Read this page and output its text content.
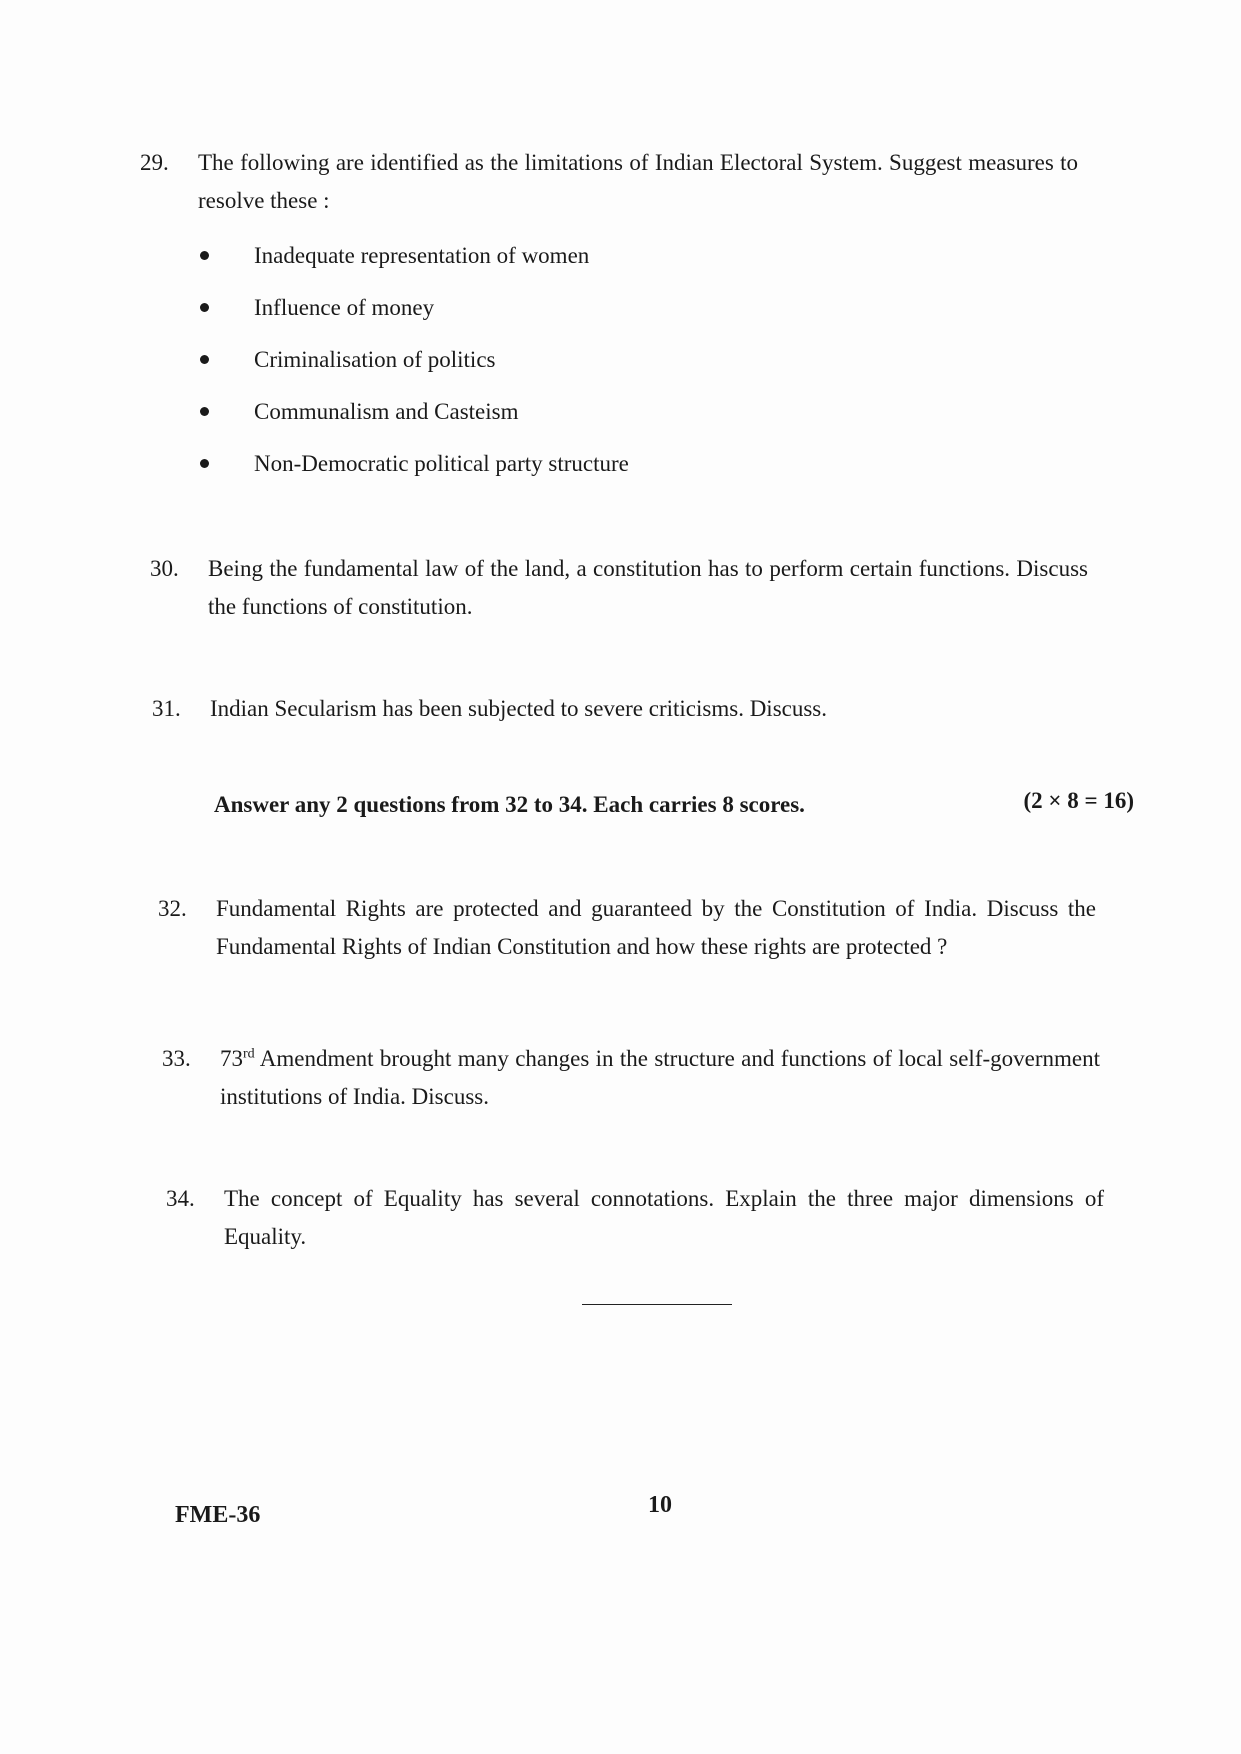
29.	The following are identified as the limitations of Indian Electoral System. Suggest measures to resolve these :
Inadequate representation of women
Influence of money
Criminalisation of politics
Communalism and Casteism
Non-Democratic political party structure
30.	Being the fundamental law of the land, a constitution has to perform certain functions. Discuss the functions of constitution.
31.	Indian Secularism has been subjected to severe criticisms. Discuss.
Answer any 2 questions from 32 to 34. Each carries 8 scores.	(2 × 8 = 16)
32.	Fundamental Rights are protected and guaranteed by the Constitution of India. Discuss the Fundamental Rights of Indian Constitution and how these rights are protected ?
33.	73rd Amendment brought many changes in the structure and functions of local self-government institutions of India. Discuss.
34.	The concept of Equality has several connotations. Explain the three major dimensions of Equality.
FME-36	10
